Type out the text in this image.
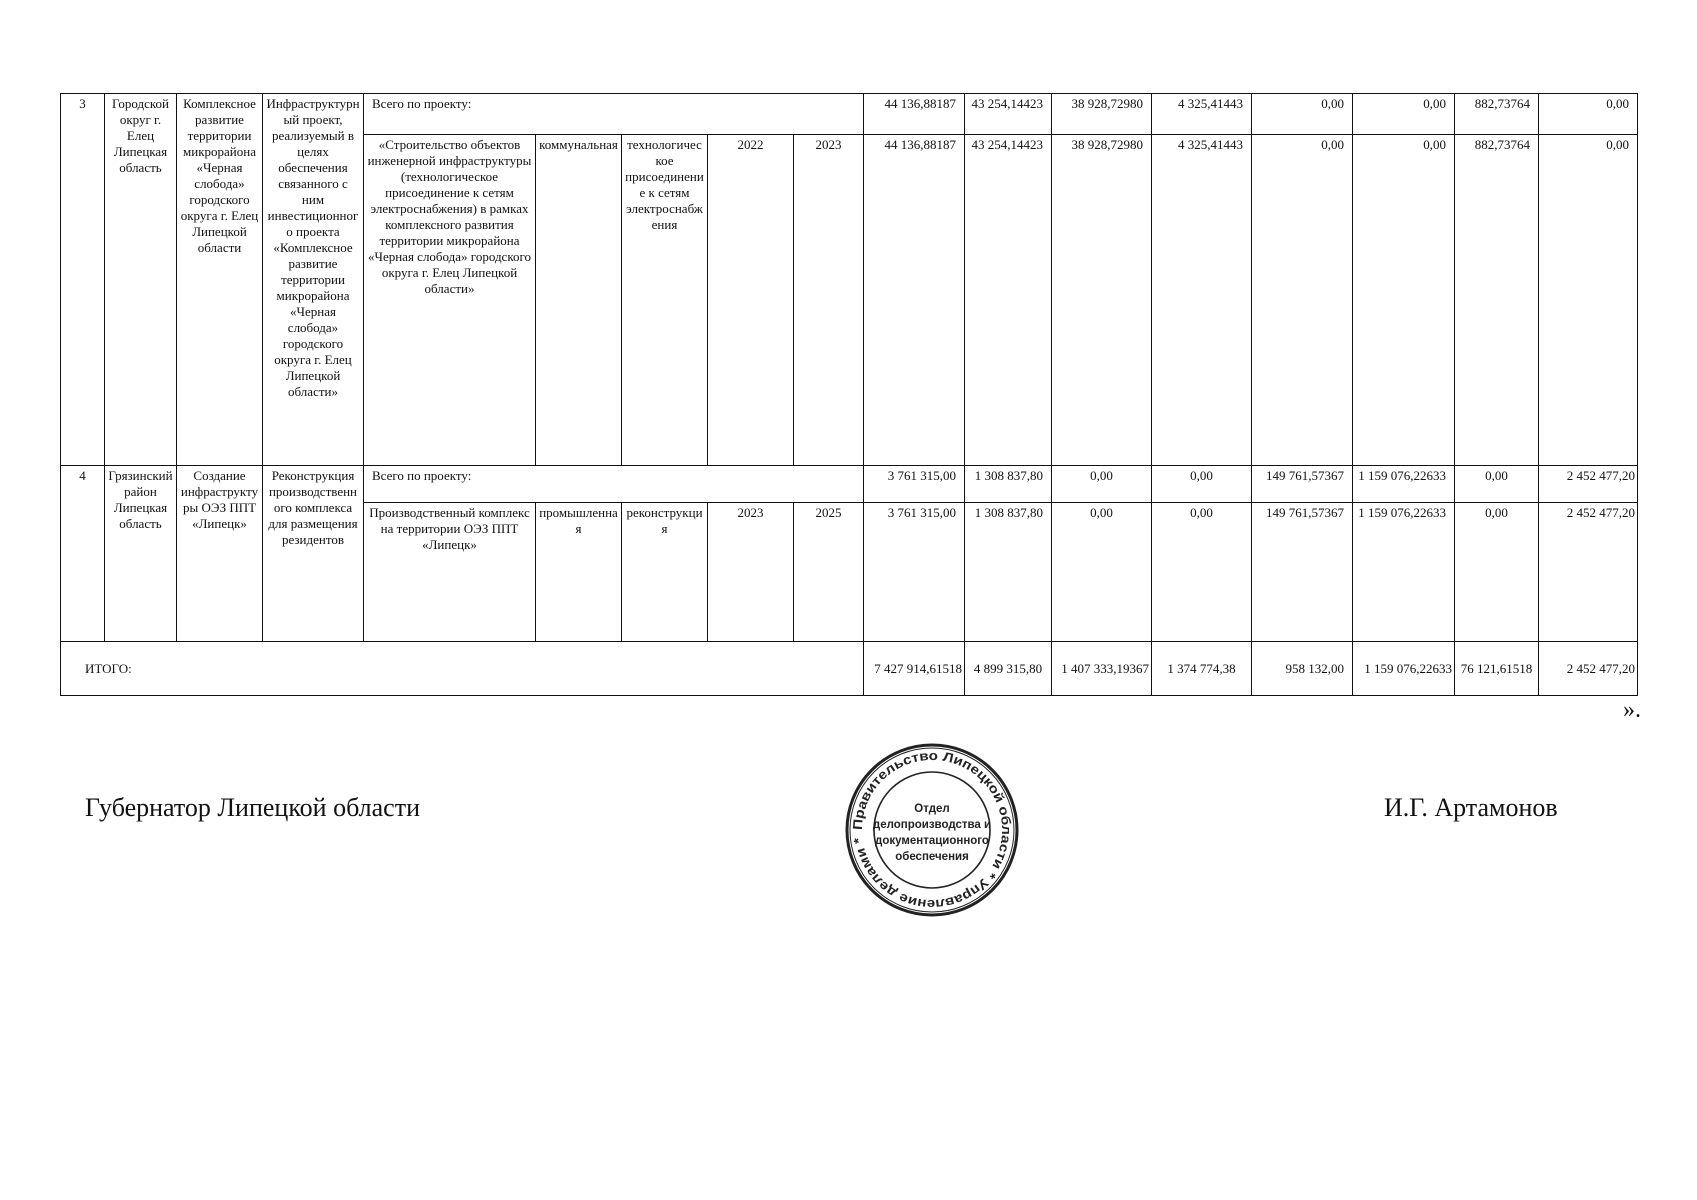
3	Городской округ г. Елец Липецкая область	Комплексное развитие территории микрорайона «Черная слобода» городского округа г. Елец Липецкой области	Инфраструктурный проект, реализуемый в целях обеспечения связанного с ним инвестиционного проекта «Комплексное развитие территории микрорайона «Черная слобода» городского округа г. Елец Липецкой области»	Всего по проекту:					44 136,88187	43 254,14423	38 928,72980	4 325,41443	0,00	0,00	882,73764	0,00
				«Строительство объектов инженерной инфраструктуры (технологическое присоединение к сетям электроснабжения) в рамках комплексного развития территории микрорайона «Черная слобода» городского округа г. Елец Липецкой области»	коммунальная	технологическое присоединение к сетям электроснабжения	2022	2023	44 136,88187	43 254,14423	38 928,72980	4 325,41443	0,00	0,00	882,73764	0,00
4	Грязинский район Липецкая область	Создание инфраструктуры ОЭЗ ППТ «Липецк»	Реконструкция производственного комплекса для размещения резидентов	Всего по проекту:					3 761 315,00	1 308 837,80	0,00	0,00	149 761,57367	1 159 076,22633	0,00	2 452 477,20
				Производственный комплекс на территории ОЭЗ ППТ «Липецк»	промышленная	реконструкция	2023	2025	3 761 315,00	1 308 837,80	0,00	0,00	149 761,57367	1 159 076,22633	0,00	2 452 477,20
ИТОГО:									7 427 914,61518	4 899 315,80	1 407 333,19367	1 374 774,38	958 132,00	1 159 076,22633	76 121,61518	2 452 477,20
».
Губернатор Липецкой области	И.Г. Артамонов
Правительство Липецкой области * Управление делами *
Отдел
делопроизводства и
документационного
обеспечения
